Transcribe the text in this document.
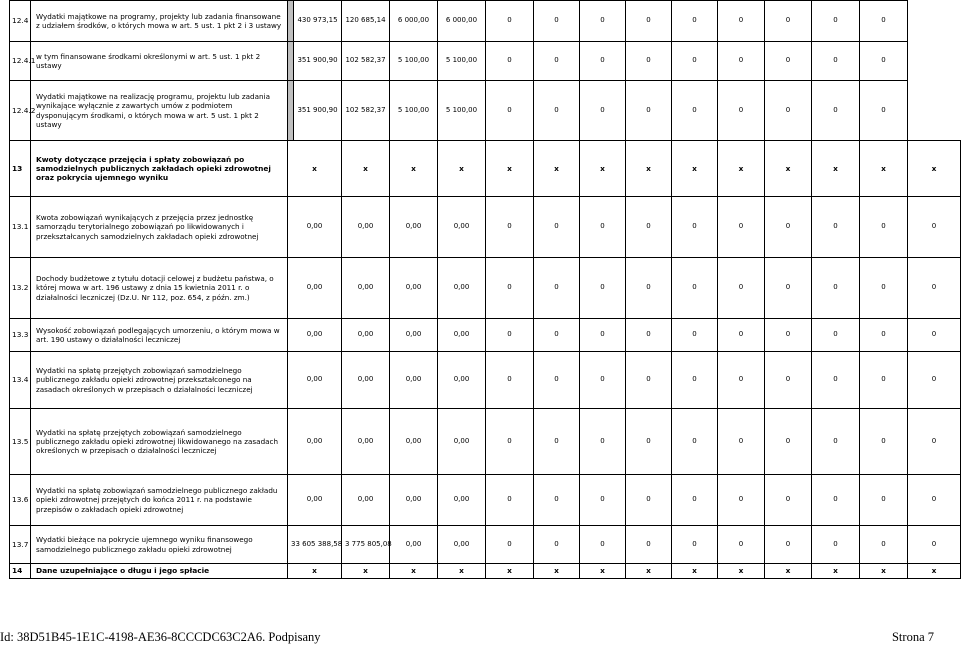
12.4	Wydatki majątkowe na programy, projekty lub zadania finansowane z udziałem środków, o których mowa w art. 5 ust. 1 pkt 2 i 3 ustawy		430 973,15	120 685,14	6 000,00	6 000,00	0	0	0	0	0	0	0	0	0	
12.4.1	w tym finansowane środkami określonymi w art. 5 ust. 1 pkt 2 ustawy		351 900,90	102 582,37	5 100,00	5 100,00	0	0	0	0	0	0	0	0	0	
12.4.2	Wydatki majątkowe na realizację programu, projektu lub zadania wynikające wyłącznie z zawartych umów z podmiotem dysponującym środkami, o których mowa w art. 5 ust. 1 pkt 2 ustawy		351 900,90	102 582,37	5 100,00	5 100,00	0	0	0	0	0	0	0	0	0	
13	Kwoty dotyczące przejęcia i spłaty zobowiązań po samodzielnych publicznych zakładach opieki zdrowotnej oraz pokrycia ujemnego wyniku	x		x	x	x	x	x	x	x	x	x	x	x	x	x
13.1	Kwota zobowiązań wynikających z przejęcia przez jednostkę samorządu terytorialnego zobowiązań po likwidowanych i przekształcanych samodzielnych zakładach opieki zdrowotnej	0,00		0,00	0,00	0,00	0	0	0	0	0	0	0	0	0	0
13.2	Dochody budżetowe z tytułu dotacji celowej z budżetu państwa, o której mowa w art. 196 ustawy z dnia 15 kwietnia 2011 r. o działalności leczniczej (Dz.U. Nr 112, poz. 654, z późn. zm.)	0,00		0,00	0,00	0,00	0	0	0	0	0	0	0	0	0	0
13.3	Wysokość zobowiązań podlegających umorzeniu, o którym mowa w art. 190 ustawy o działalności leczniczej	0,00		0,00	0,00	0,00	0	0	0	0	0	0	0	0	0	0
13.4	Wydatki na spłatę przejętych zobowiązań samodzielnego publicznego zakładu opieki zdrowotnej przekształconego na zasadach określonych w przepisach o działalności leczniczej	0,00		0,00	0,00	0,00	0	0	0	0	0	0	0	0	0	0
13.5	Wydatki na spłatę przejętych zobowiązań samodzielnego publicznego zakładu opieki zdrowotnej likwidowanego na zasadach określonych w przepisach o działalności leczniczej	0,00		0,00	0,00	0,00	0	0	0	0	0	0	0	0	0	0
13.6	Wydatki na spłatę zobowiązań samodzielnego publicznego zakładu opieki zdrowotnej przejętych do końca 2011 r. na podstawie przepisów o zakładach opieki zdrowotnej	0,00		0,00	0,00	0,00	0	0	0	0	0	0	0	0	0	0
13.7	Wydatki bieżące na pokrycie ujemnego wyniku finansowego samodzielnego publicznego zakładu opieki zdrowotnej	33 605 388,58		3 775 805,08	0,00	0,00	0	0	0	0	0	0	0	0	0	0
14	Dane uzupełniające o długu i jego spłacie	x		x	x	x	x	x	x	x	x	x	x	x	x	x
Id: 38D51B45-1E1C-4198-AE36-8CCCDC63C2A6. Podpisany	Strona 7
